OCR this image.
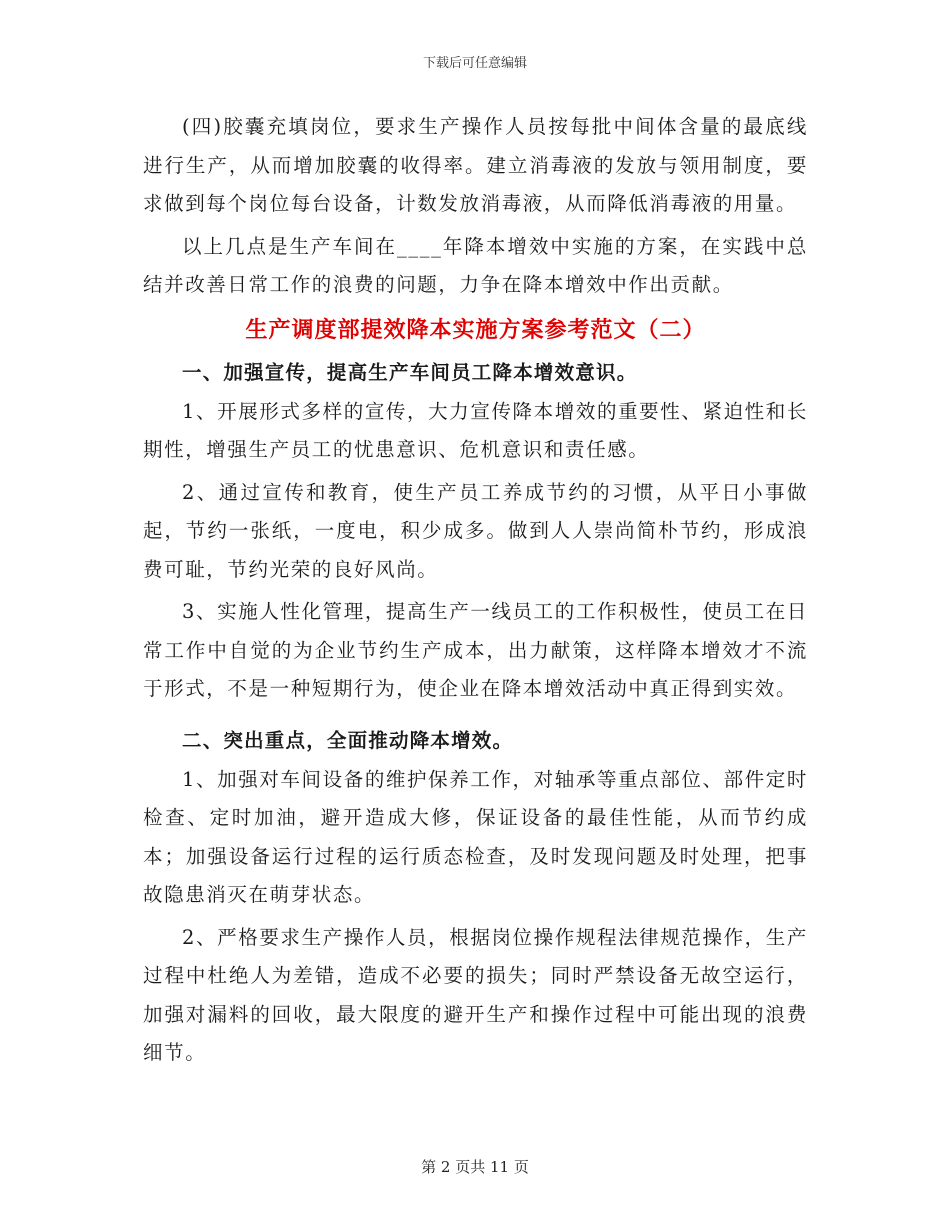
下载后可任意编辑

(四)胶囊充填岗位，要求生产操作人员按每批中间体含量的最底线进行生产，从而增加胶囊的收得率。建立消毒液的发放与领用制度，要求做到每个岗位每台设备，计数发放消毒液，从而降低消毒液的用量。

以上几点是生产车间在____年降本增效中实施的方案，在实践中总结并改善日常工作的浪费的问题，力争在降本增效中作出贡献。

生产调度部提效降本实施方案参考范文（二）
一、加强宣传，提高生产车间员工降本增效意识。

1、开展形式多样的宣传，大力宣传降本增效的重要性、紧迫性和长期性，增强生产员工的忧患意识、危机意识和责任感。

2、通过宣传和教育，使生产员工养成节约的习惯，从平日小事做起，节约一张纸，一度电，积少成多。做到人人崇尚简朴节约，形成浪费可耻，节约光荣的良好风尚。

3、实施人性化管理，提高生产一线员工的工作积极性，使员工在日常工作中自觉的为企业节约生产成本，出力献策，这样降本增效才不流于形式，不是一种短期行为，使企业在降本增效活动中真正得到实效。

二、突出重点，全面推动降本增效。

1、加强对车间设备的维护保养工作，对轴承等重点部位、部件定时检查、定时加油，避开造成大修，保证设备的最佳性能，从而节约成本；加强设备运行过程的运行质态检查，及时发现问题及时处理，把事故隐患消灭在萌芽状态。

2、严格要求生产操作人员，根据岗位操作规程法律规范操作，生产过程中杜绝人为差错，造成不必要的损失；同时严禁设备无故空运行，加强对漏料的回收，最大限度的避开生产和操作过程中可能出现的浪费细节。

第 2 页共 11 页
